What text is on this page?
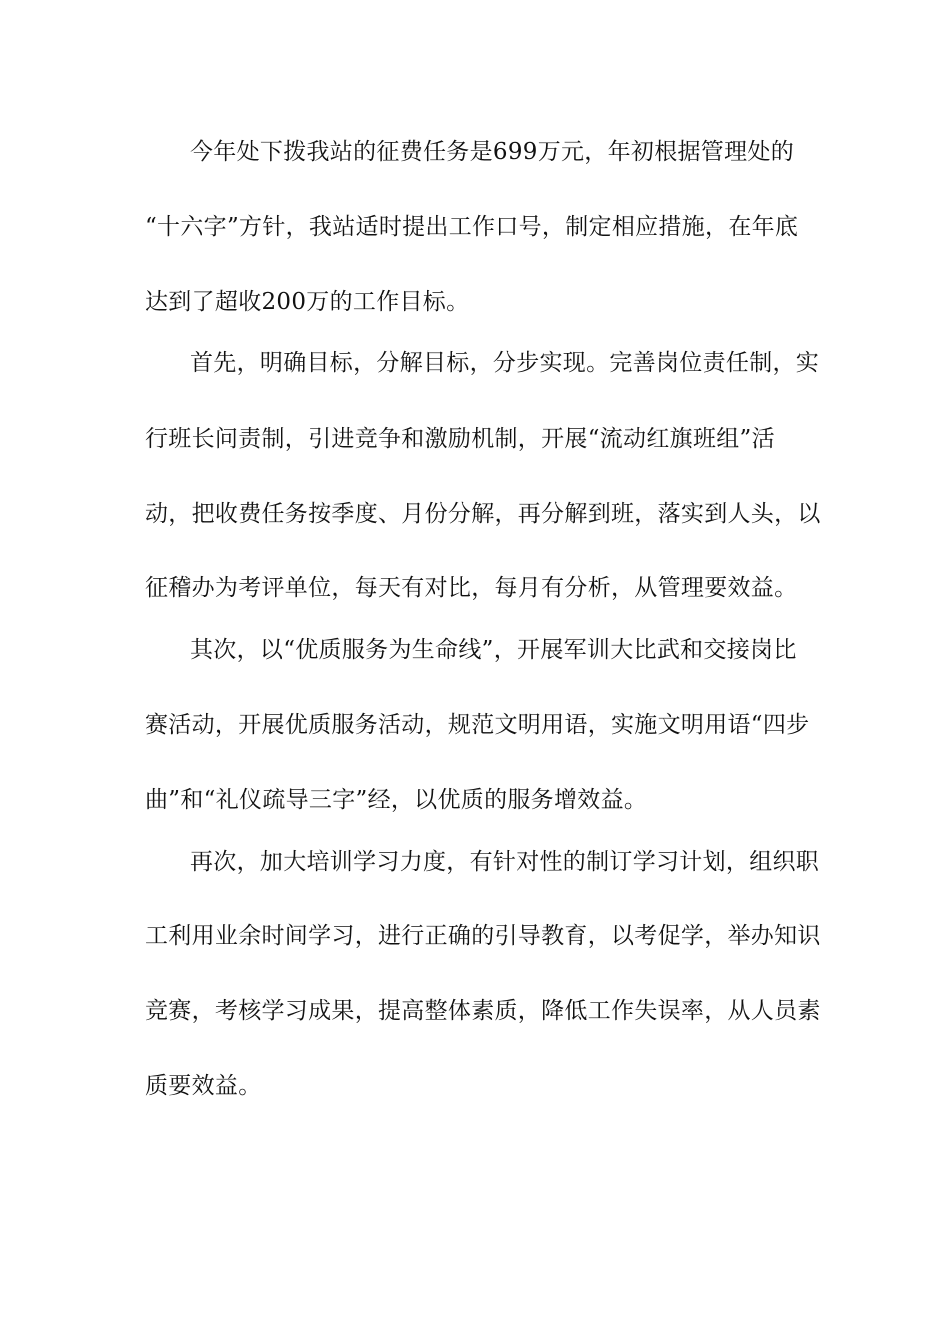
今年处下拨我站的征费任务是699万元，年初根据管理处的
“十六字”方针，我站适时提出工作口号，制定相应措施，在年底
达到了超收200万的工作目标。
首先，明确目标，分解目标，分步实现。完善岗位责任制，实
行班长问责制，引进竞争和激励机制，开展“流动红旗班组”活
动，把收费任务按季度、月份分解，再分解到班，落实到人头，以
征稽办为考评单位，每天有对比，每月有分析，从管理要效益。
其次，以“优质服务为生命线”，开展军训大比武和交接岗比
赛活动，开展优质服务活动，规范文明用语，实施文明用语“四步
曲”和“礼仪疏导三字”经，以优质的服务增效益。
再次，加大培训学习力度，有针对性的制订学习计划，组织职
工利用业余时间学习，进行正确的引导教育，以考促学，举办知识
竞赛，考核学习成果，提高整体素质，降低工作失误率，从人员素
质要效益。
